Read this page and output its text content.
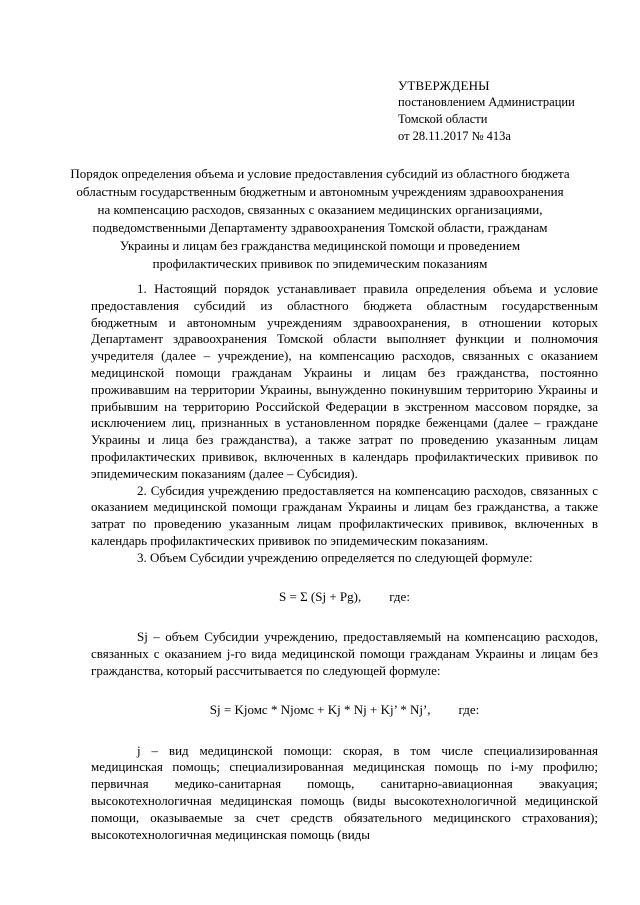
УТВЕРЖДЕНЫ
постановлением Администрации
Томской области
от 28.11.2017 № 413а
Порядок определения объема и условие предоставления субсидий из областного бюджета областным государственным бюджетным и автономным учреждениям здравоохранения на компенсацию расходов, связанных с оказанием медицинских организациями, подведомственными Департаменту здравоохранения Томской области, гражданам Украины и лицам без гражданства медицинской помощи и проведением профилактических прививок по эпидемическим показаниям

1. Настоящий порядок устанавливает правила определения объема и условие предоставления субсидий из областного бюджета областным государственным бюджетным и автономным учреждениям здравоохранения, в отношении которых Департамент здравоохранения Томской области выполняет функции и полномочия учредителя (далее – учреждение), на компенсацию расходов, связанных с оказанием медицинской помощи гражданам Украины и лицам без гражданства, постоянно проживавшим на территории Украины, вынужденно покинувшим территорию Украины и прибывшим на территорию Российской Федерации в экстренном массовом порядке, за исключением лиц, признанных в установленном порядке беженцами (далее – граждане Украины и лица без гражданства), а также затрат по проведению указанным лицам профилактических прививок, включенных в календарь профилактических прививок по эпидемическим показаниям (далее – Субсидия).

2. Субсидия учреждению предоставляется на компенсацию расходов, связанных с оказанием медицинской помощи гражданам Украины и лицам без гражданства, а также затрат по проведению указанным лицам профилактических прививок, включенных в календарь профилактических прививок по эпидемическим показаниям.

3. Объем Субсидии учреждению определяется по следующей формуле:

S = Σ (Sj + Pg), где:

Sj – объем Субсидии учреждению, предоставляемый на компенсацию расходов, связанных с оказанием j-го вида медицинской помощи гражданам Украины и лицам без гражданства, который рассчитывается по следующей формуле:

Sj = Kjомс * Njомс + Kj * Nj + Kj’ * Nj’, где:

j – вид медицинской помощи: скорая, в том числе специализированная медицинская помощь; специализированная медицинская помощь по i-му профилю; первичная медико-санитарная помощь, санитарно-авиационная эвакуация; высокотехнологичная медицинская помощь (виды высокотехнологичной медицинской помощи, оказываемые за счет средств обязательного медицинского страхования); высокотехнологичная медицинская помощь (виды
